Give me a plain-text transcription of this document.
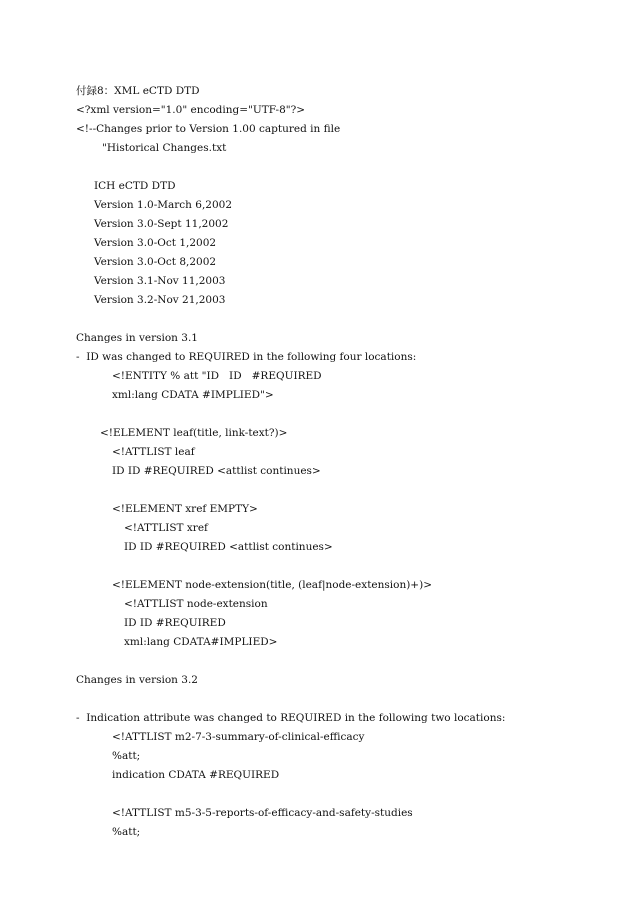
付録8：XML eCTD DTD
<?xml version="1.0" encoding="UTF-8"?>
<!--Changes prior to Version 1.00 captured in file
"Historical Changes.txt
ICH eCTD DTD
Version 1.0-March 6,2002
Version 3.0-Sept 11,2002
Version 3.0-Oct 1,2002
Version 3.0-Oct 8,2002
Version 3.1-Nov 11,2003
Version 3.2-Nov 21,2003
Changes in version 3.1
-  ID was changed to REQUIRED in the following four locations:
<!ENTITY % att "ID   ID   #REQUIRED
xml:lang CDATA #IMPLIED">
<!ELEMENT leaf(title, link-text?)>
<!ATTLIST leaf
ID ID #REQUIRED <attlist continues>
<!ELEMENT xref EMPTY>
<!ATTLIST xref
ID ID #REQUIRED <attlist continues>
<!ELEMENT node-extension(title, (leaf|node-extension)+)>
<!ATTLIST node-extension
ID ID #REQUIRED
xml:lang CDATA#IMPLIED>
Changes in version 3.2
-  Indication attribute was changed to REQUIRED in the following two locations:
<!ATTLIST m2-7-3-summary-of-clinical-efficacy
%att;
indication CDATA #REQUIRED
<!ATTLIST m5-3-5-reports-of-efficacy-and-safety-studies
%att;
